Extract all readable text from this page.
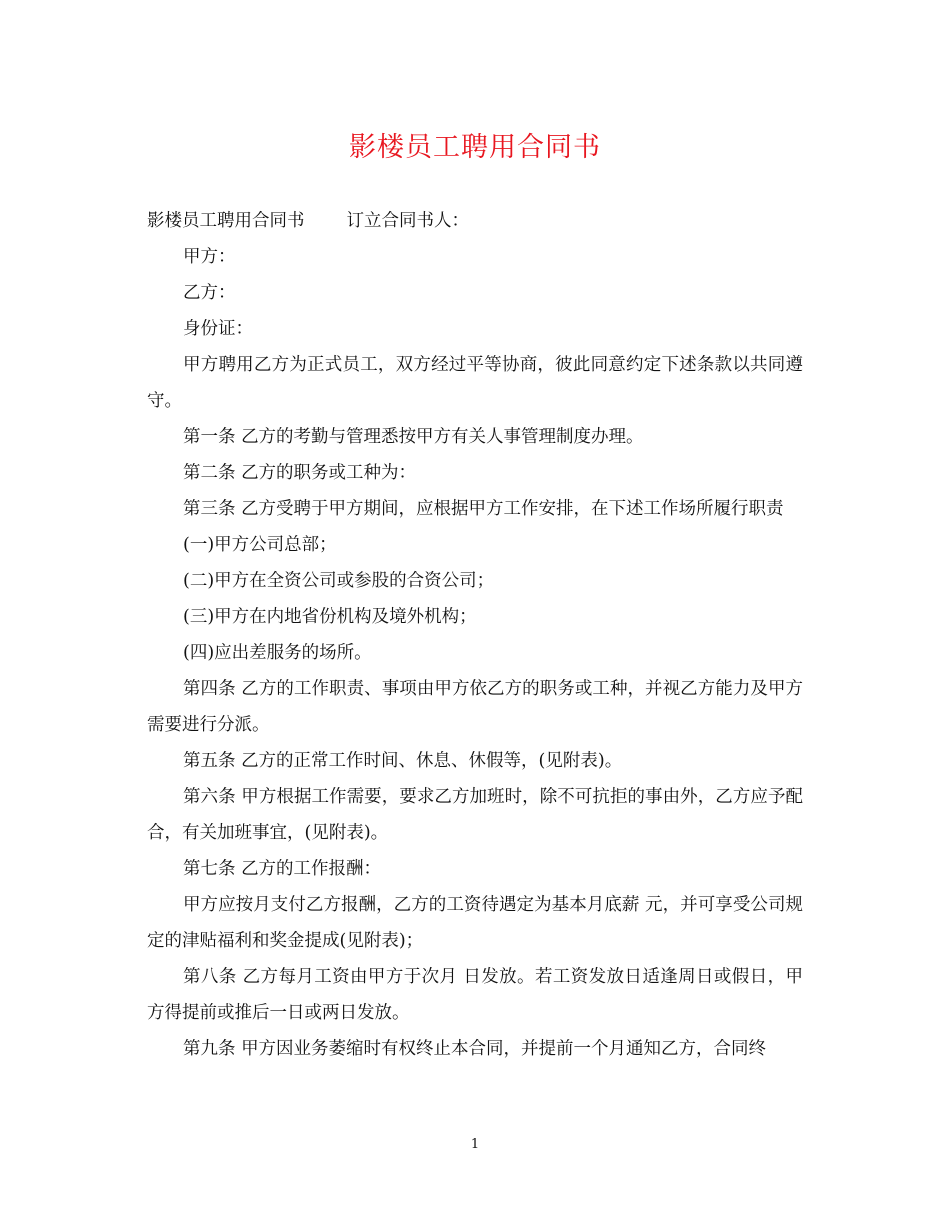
影楼员工聘用合同书
影楼员工聘用合同书 订立合同书人：

甲方：

乙方：

身份证：

甲方聘用乙方为正式员工，双方经过平等协商，彼此同意约定下述条款以共同遵守。

第一条 乙方的考勤与管理悉按甲方有关人事管理制度办理。

第二条 乙方的职务或工种为：

第三条 乙方受聘于甲方期间，应根据甲方工作安排，在下述工作场所履行职责

(一)甲方公司总部；

(二)甲方在全资公司或参股的合资公司；

(三)甲方在内地省份机构及境外机构；

(四)应出差服务的场所。

第四条 乙方的工作职责、事项由甲方依乙方的职务或工种，并视乙方能力及甲方需要进行分派。

第五条 乙方的正常工作时间、休息、休假等，(见附表)。

第六条 甲方根据工作需要，要求乙方加班时，除不可抗拒的事由外，乙方应予配合，有关加班事宜，(见附表)。

第七条 乙方的工作报酬：

甲方应按月支付乙方报酬，乙方的工资待遇定为基本月底薪 元，并可享受公司规定的津贴福利和奖金提成(见附表)；

第八条 乙方每月工资由甲方于次月 日发放。若工资发放日适逢周日或假日，甲方得提前或推后一日或两日发放。

第九条 甲方因业务萎缩时有权终止本合同，并提前一个月通知乙方，合同终

1
